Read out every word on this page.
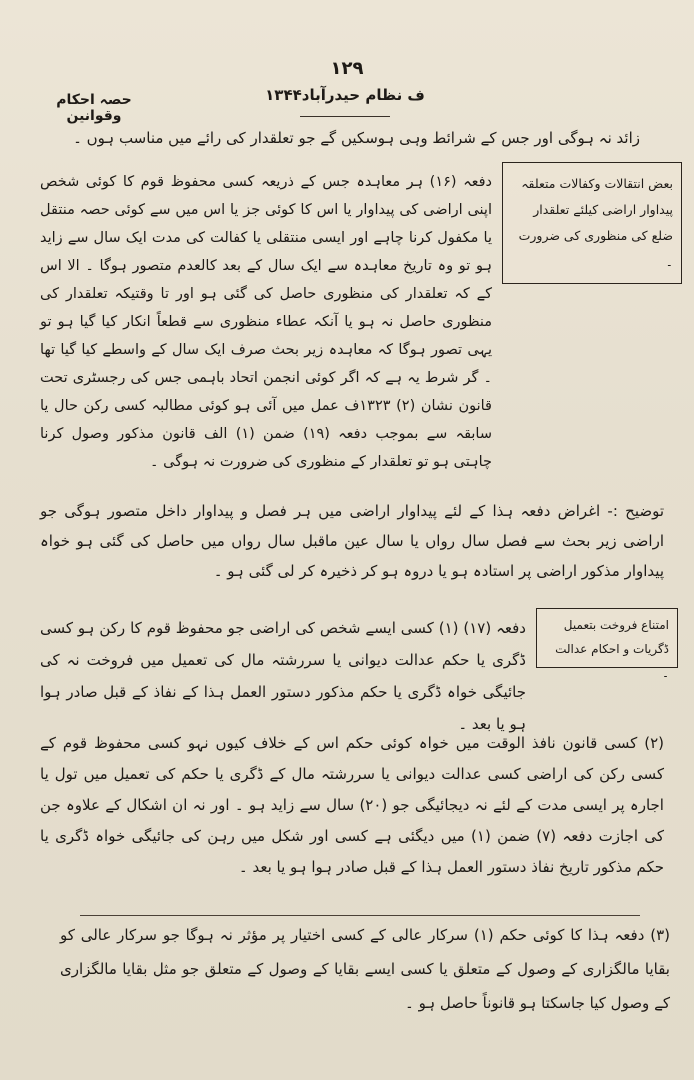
۱۲۹
۱۳۴۴ف نظام حیدرآباد
حصہ احکام وقوانین
زائد نہ ہوگی اور جس کے شرائط وہی ہوسکیں گے جو تعلقدار کی رائے میں مناسب ہوں ۔
بعض انتقالات وکفالات متعلقہ پیداوار اراضی کیلئے تعلقدار ضلع کی منظوری کی ضرورت ۔
دفعہ (۱۶) ہر معاہدہ جس کے ذریعہ کسی محفوظ قوم کا کوئی شخص اپنی اراضی کی پیداوار یا اس کا کوئی جز یا اس میں سے کوئی حصہ منتقل یا مکفول کرنا چاہے اور ایسی منتقلی یا کفالت کی مدت ایک سال سے زاید ہو تو وہ تاریخ معاہدہ سے ایک سال کے بعد کالعدم متصور ہوگا ۔ الا اس کے کہ تعلقدار کی منظوری حاصل کی گئی ہو اور تا وقتیکہ تعلقدار کی منظوری حاصل نہ ہو یا آنکہ عطاء منظوری سے قطعاً انکار کیا گیا ہو تو یہی تصور ہوگا کہ معاہدہ زیر بحث صرف ایک سال کے واسطے کیا گیا تھا ۔ گر شرط یہ ہے کہ اگر کوئی انجمن اتحاد باہمی جس کی رجسٹری تحت قانون نشان (۲) ۱۳۲۳ف عمل میں آئی ہو کوئی مطالبہ کسی رکن حال یا سابقہ سے بموجب دفعہ (۱۹) ضمن (۱) الف قانون مذکور وصول کرنا چاہتی ہو تو تعلقدار کے منظوری کی ضرورت نہ ہوگی ۔
توضیح :- اغراض دفعہ ہذا کے لئے پیداوار اراضی میں ہر فصل و پیداوار داخل متصور ہوگی جو اراضی زیر بحث سے فصل سال رواں یا سال عین ماقبل سال رواں میں حاصل کی گئی ہو خواہ پیداوار مذکور اراضی پر استادہ ہو یا دروہ ہو کر ذخیرہ کر لی گئی ہو ۔
امتناع فروخت بتعمیل ڈگریات و احکام عدالت ۔
دفعہ (۱۷) (۱) کسی ایسے شخص کی اراضی جو محفوظ قوم کا رکن ہو کسی ڈگری یا حکم عدالت دیوانی یا سررشتہ مال کی تعمیل میں فروخت نہ کی جائیگی خواہ ڈگری یا حکم مذکور دستور العمل ہذا کے نفاذ کے قبل صادر ہوا ہو یا بعد ۔
(۲) کسی قانون نافذ الوقت میں خواہ کوئی حکم اس کے خلاف کیوں نہو کسی محفوظ قوم کے کسی رکن کی اراضی کسی عدالت دیوانی یا سررشتہ مال کے ڈگری یا حکم کی تعمیل میں تول یا اجارہ پر ایسی مدت کے لئے نہ دیجائیگی جو (۲۰) سال سے زاید ہو ۔ اور نہ ان اشکال کے علاوہ جن کی اجازت دفعہ (۷) ضمن (۱) میں دیگئی ہے کسی اور شکل میں رہن کی جائیگی خواہ ڈگری یا حکم مذکور تاریخ نفاذ دستور العمل ہذا کے قبل صادر ہوا ہو یا بعد ۔
(۳) دفعہ ہذا کا کوئی حکم (۱) سرکار عالی کے کسی اختیار پر مؤثر نہ ہوگا جو سرکار عالی کو بقایا مالگزاری کے وصول کے متعلق یا کسی ایسے بقایا کے وصول کے متعلق جو مثل بقایا مالگزاری کے وصول کیا جاسکتا ہو قانوناً حاصل ہو ۔
